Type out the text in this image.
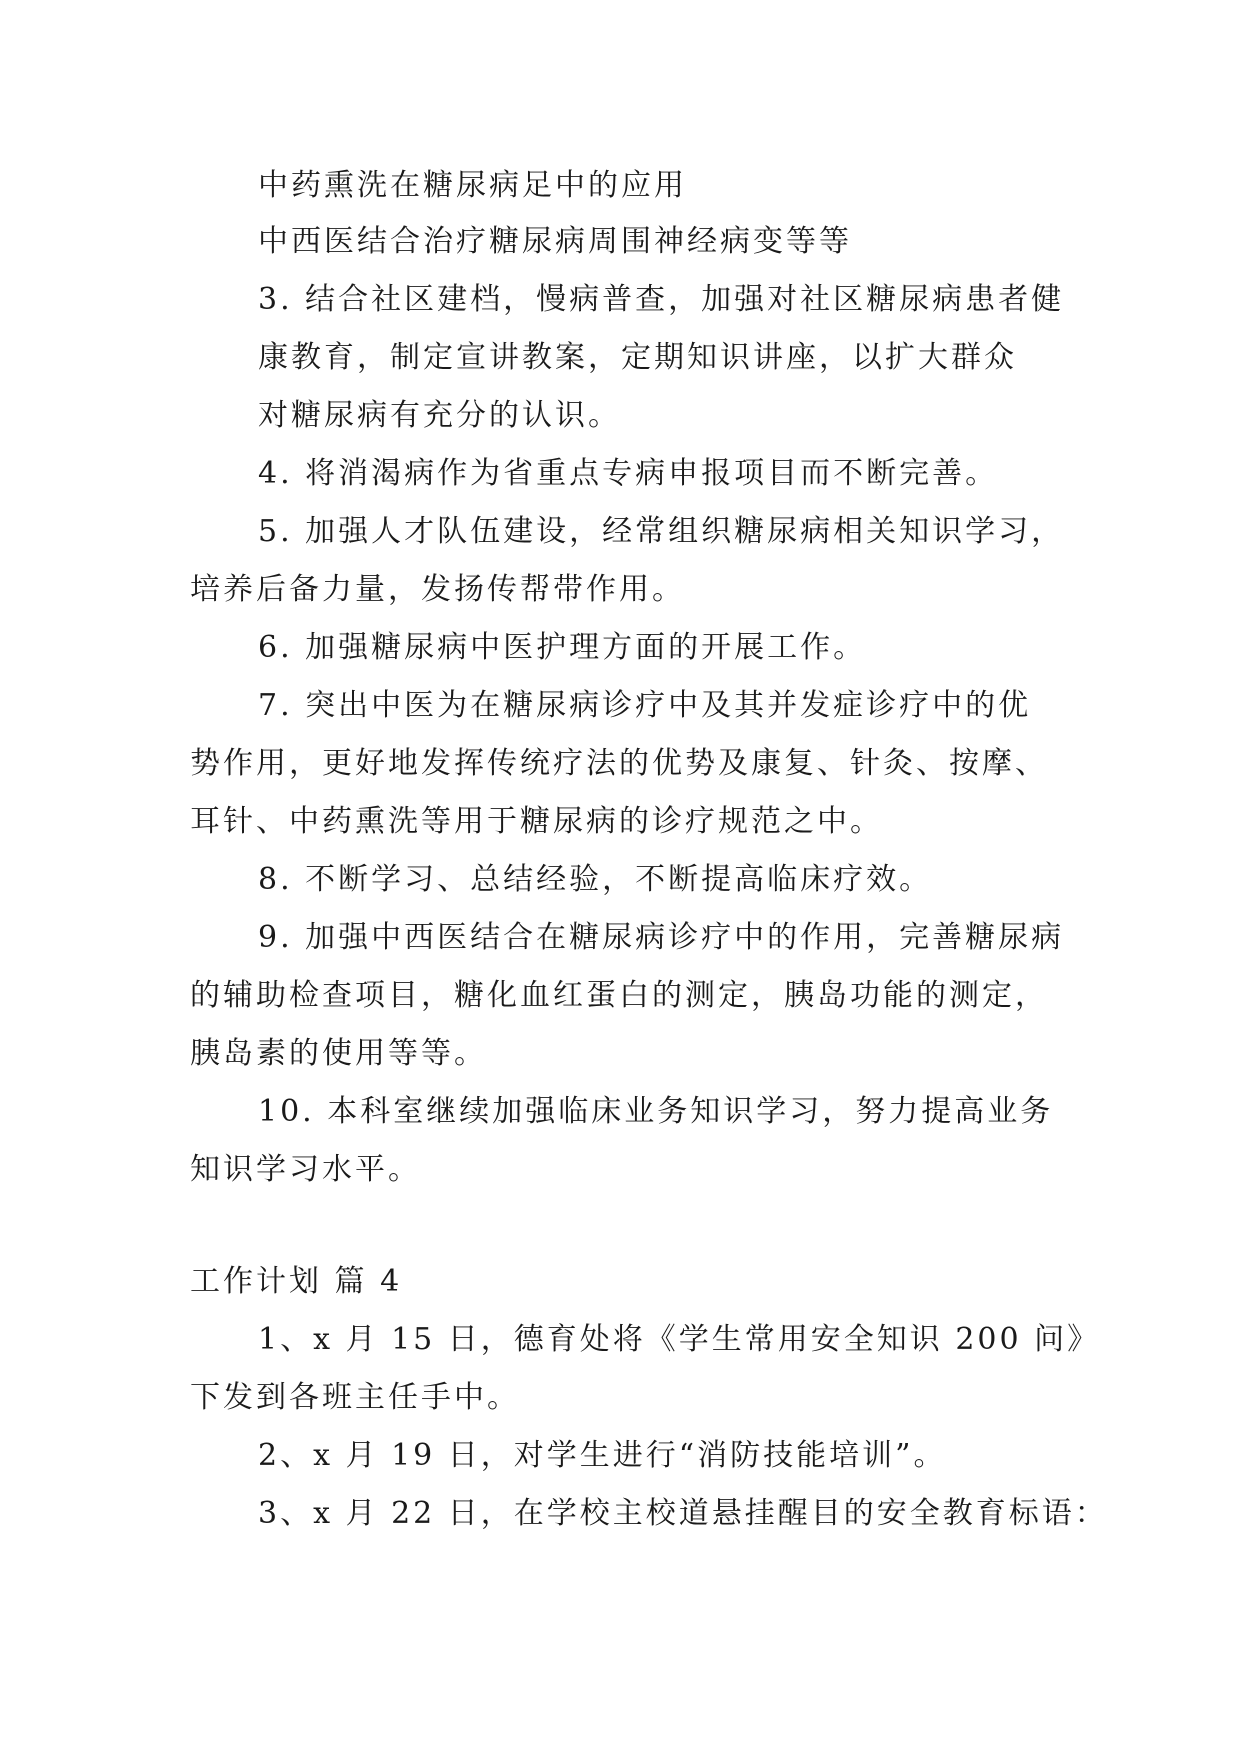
中药熏洗在糖尿病足中的应用
中西医结合治疗糖尿病周围神经病变等等
3. 结合社区建档，慢病普查，加强对社区糖尿病患者健
康教育，制定宣讲教案，定期知识讲座，以扩大群众
对糖尿病有充分的认识。
4. 将消渴病作为省重点专病申报项目而不断完善。
5. 加强人才队伍建设，经常组织糖尿病相关知识学习，
培养后备力量，发扬传帮带作用。
6. 加强糖尿病中医护理方面的开展工作。
7. 突出中医为在糖尿病诊疗中及其并发症诊疗中的优
势作用，更好地发挥传统疗法的优势及康复、针灸、按摩、
耳针、中药熏洗等用于糖尿病的诊疗规范之中。
8. 不断学习、总结经验，不断提高临床疗效。
9. 加强中西医结合在糖尿病诊疗中的作用，完善糖尿病
的辅助检查项目，糖化血红蛋白的测定，胰岛功能的测定，
胰岛素的使用等等。
10. 本科室继续加强临床业务知识学习，努力提高业务
知识学习水平。
工作计划 篇 4
1、x 月 15 日，德育处将《学生常用安全知识 200 问》
下发到各班主任手中。
2、x 月 19 日，对学生进行“消防技能培训”。
3、x 月 22 日，在学校主校道悬挂醒目的安全教育标语：
